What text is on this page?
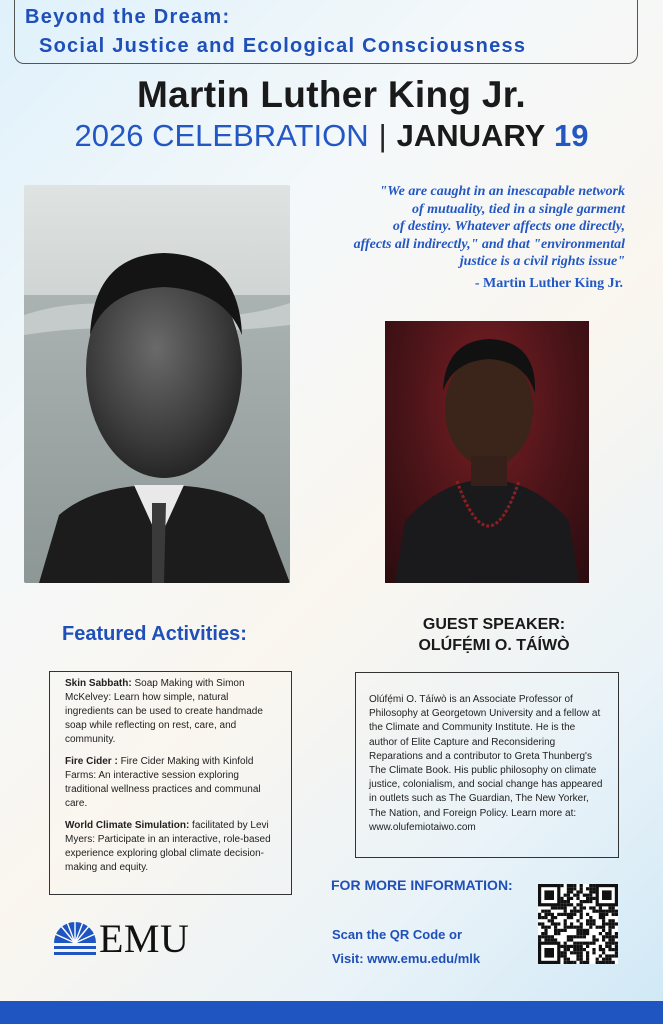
Beyond the Dream:
Social Justice and Ecological Consciousness
Martin Luther King Jr.
2026 CELEBRATION | JANUARY 19
"We are caught in an inescapable network
of mutuality, tied in a single garment
of destiny. Whatever affects one directly,
affects all indirectly," and that "environmental
justice is a civil rights issue"
- Martin Luther King Jr.
Featured Activities:	GUEST SPEAKER:
OLÚFẸ́MI O. TÁÍWÒ

Skin Sabbath: Soap Making with Simon McKelvey: Learn how simple, natural ingredients can be used to create handmade soap while reflecting on rest, care, and community.

Fire Cider : Fire Cider Making with Kinfold Farms: An interactive session exploring traditional wellness practices and communal care.

World Climate Simulation: facilitated by Levi Myers: Participate in an interactive, role-based experience exploring global climate decision-making and equity.

Olúfẹ́mi O. Táíwò is an Associate Professor of Philosophy at Georgetown University and a fellow at the Climate and Community Institute. He is the author of Elite Capture and Reconsidering Reparations and a contributor to Greta Thunberg's The Climate Book. His public philosophy on climate justice, colonialism, and social change has appeared in outlets such as The Guardian, The New Yorker, The Nation, and Foreign Policy. Learn more at: www.olufemiotaiwo.com
FOR MORE INFORMATION:
Scan the QR Code or
Visit: www.emu.edu/mlk
EMU
